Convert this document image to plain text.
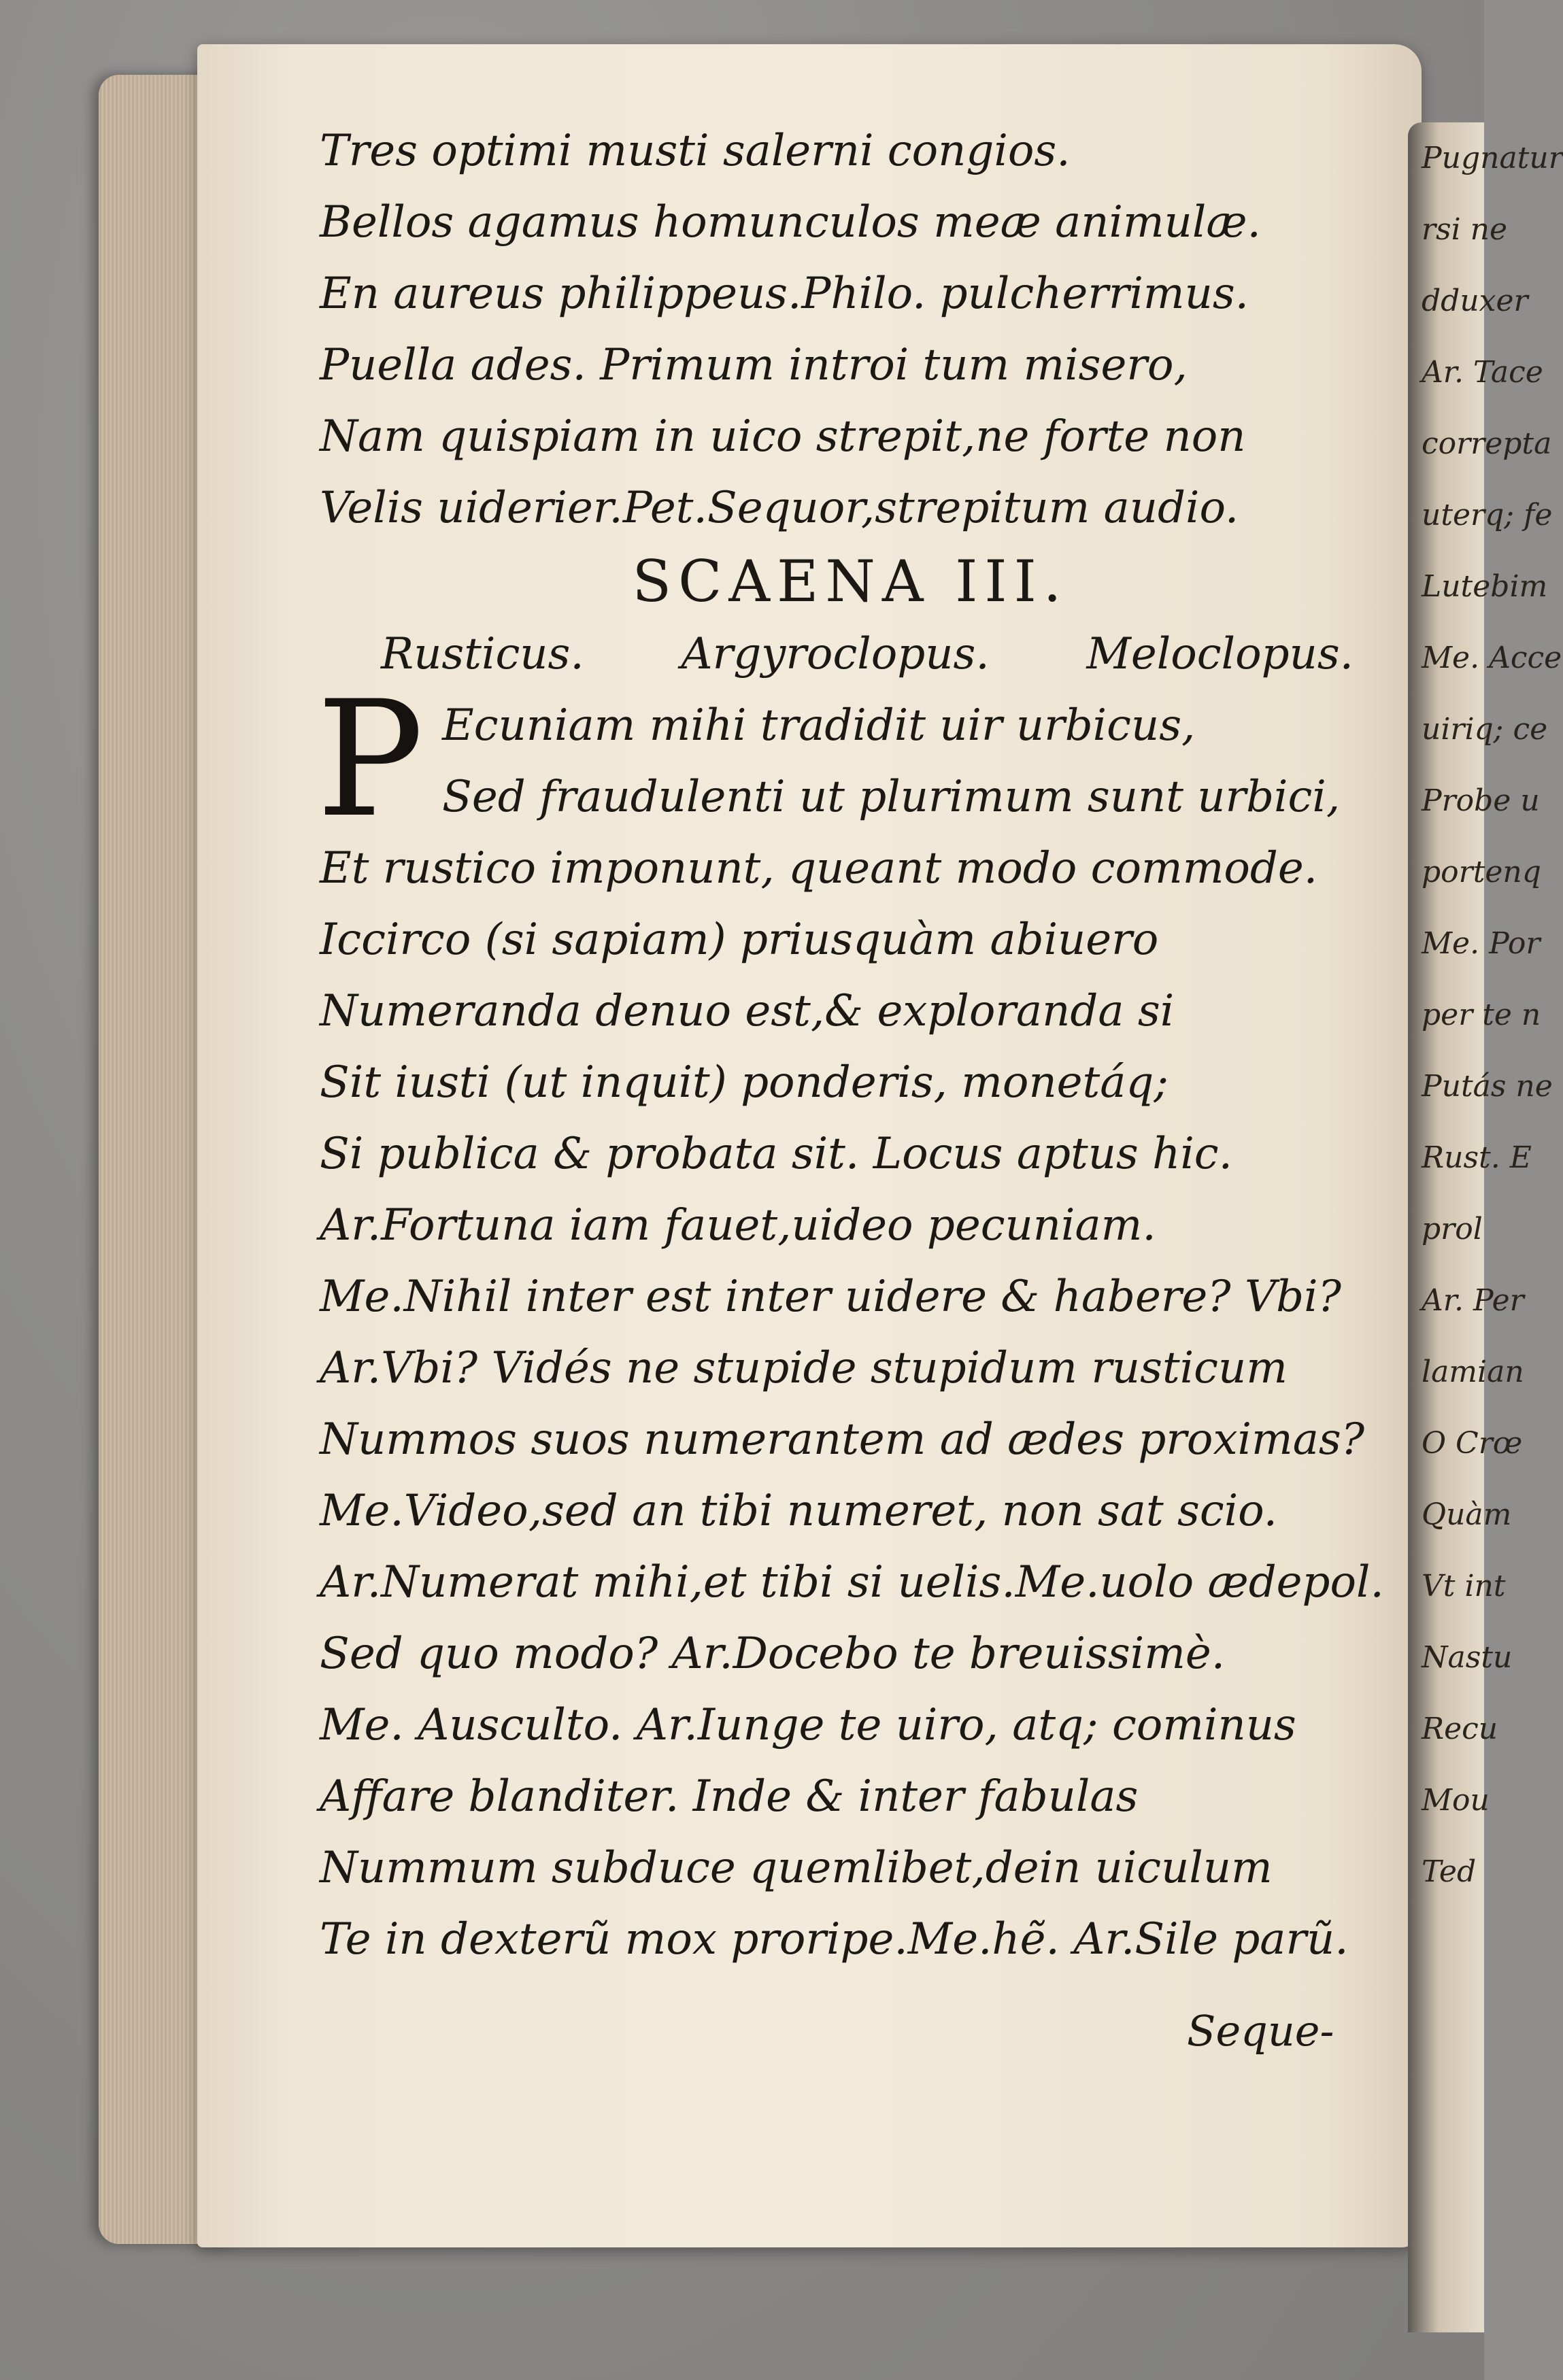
Tres optimi musti salerni congios.
Bellos agamus homunculos meæ animulæ.
En aureus philippeus.Philo. pulcherrimus.
Puella ades. Primum introi tum misero,
Nam quispiam in uico strepit,ne forte non
Velis uiderier.Pet.Sequor,strepitum audio.
SCAENA III.
Rusticus. Argyroclopus. Meloclopus.
P Ecuniam mihi tradidit uir urbicus,
Sed fraudulenti ut plurimum sunt urbici,
Et rustico imponunt, queant modo commode.
Iccirco (si sapiam) priusquàm abiuero
Numeranda denuo est,& exploranda si
Sit iusti (ut inquit) ponderis, monetáq;
Si publica & probata sit. Locus aptus hic.
Ar.Fortuna iam fauet,uideo pecuniam.
Me.Nihil inter est inter uidere & habere? Vbi?
Ar.Vbi? Vidés ne stupide stupidum rusticum
Nummos suos numerantem ad ædes proximas?
Me.Video,sed an tibi numeret, non sat scio.
Ar.Numerat mihi,et tibi si uelis.Me.uolo ædepol.
Sed quo modo? Ar.Docebo te breuissimè.
Me. Ausculto. Ar.Iunge te uiro, atq; cominus
Affare blanditer. Inde & inter fabulas
Nummum subduce quemlibet,dein uiculum
Te in dexterũ mox proripe.Me.hẽ. Ar.Sile parũ.
Seque-
Pugnatur
rsi ne
dduxer
Ar. Tace
correpta
uterq; fe
Lutebim
Me. Acce
uiriq; ce
Probe u
portenq
Me. Por
per te n
Putás ne
Rust. E
prol
Ar. Per
lamian
O Crœ
Quàm
Vt int
Nastu
Recu
Mou
Ted
